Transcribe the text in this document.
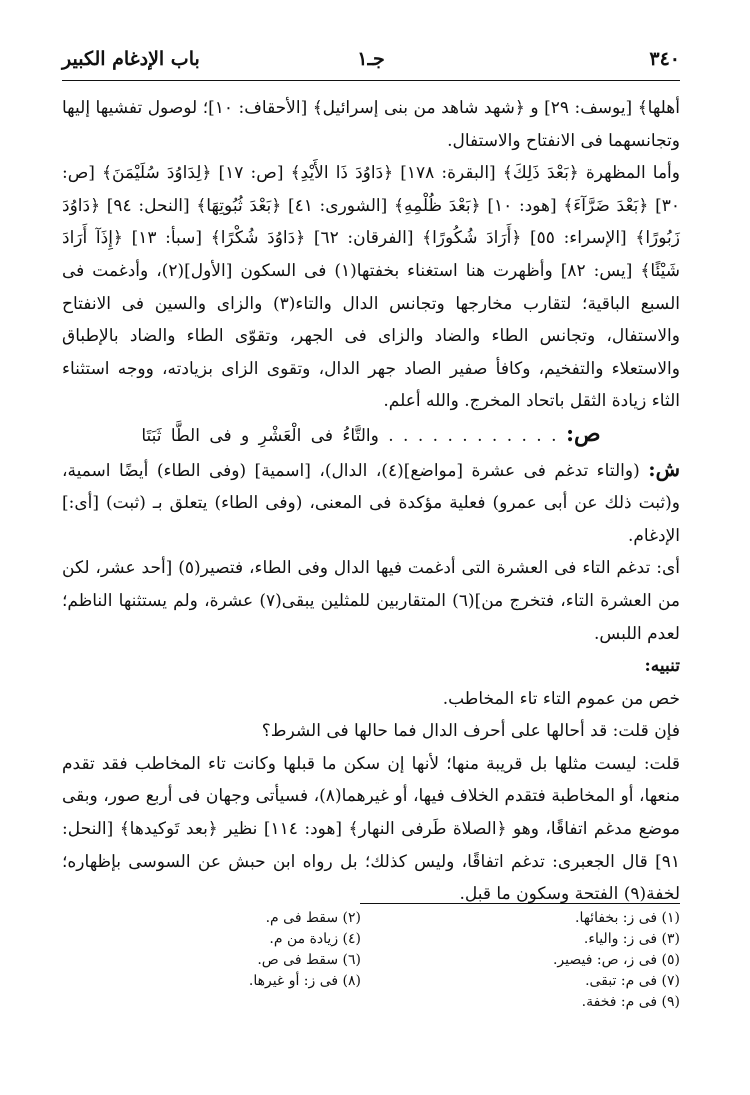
٣٤٠
جـ١
باب الإدغام الكبير

أهلها﴾ [يوسف: ٢٩] و ﴿شهد شاهد من بنى إسرائيل﴾ [الأحقاف: ١٠]؛ لوصول تفشيها إليها وتجانسهما فى الانفتاح والاستفال.

وأما المظهرة ﴿بَعْدَ ذَلِكَ﴾ [البقرة: ١٧٨] ﴿دَاوُدَ ذَا الأَيْدِ﴾ [ص: ١٧] ﴿لِدَاوُدَ سُلَيْمَنَ﴾ [ص: ٣٠] ﴿بَعْدَ ضَرَّآءَ﴾ [هود: ١٠] ﴿بَعْدَ ظُلْمِهِ﴾ [الشورى: ٤١] ﴿بَعْدَ ثُبُوتِهَا﴾ [النحل: ٩٤] ﴿دَاوُدَ زَبُورًا﴾ [الإسراء: ٥٥] ﴿أَرَادَ شُكُورًا﴾ [الفرقان: ٦٢] ﴿دَاوُدَ شُكْرًا﴾ [سبأ: ١٣] ﴿إِذَآ أَرَادَ شَيْئًا﴾ [يس: ٨٢] وأظهرت هنا استغناء بخفتها(١) فى السكون [الأول](٢)، وأدغمت فى السبع الباقية؛ لتقارب مخارجها وتجانس الدال والتاء(٣) والزاى والسين فى الانفتاح والاستفال، وتجانس الطاء والضاد والزاى فى الجهر، وتقوّى الطاء والضاد بالإطباق والاستعلاء والتفخيم، وكافأ صفير الصاد جهر الدال، وتقوى الزاى بزيادته، ووجه استثناء الثاء زيادة الثقل باتحاد المخرج. والله أعلم.

ص: . . . . . . . . . . . . والتَّاءُ فى الْعَشْرِ و فى الطَّا ثَبَتَا

ش: (والتاء تدغم فى عشرة [مواضع](٤)، الدال)، [اسمية] (وفى الطاء) أيضًا اسمية، و(ثبت ذلك عن أبى عمرو) فعلية مؤكدة فى المعنى، (وفى الطاء) يتعلق بـ (ثبت) [أى:] الإدغام.

أى: تدغم التاء فى العشرة التى أدغمت فيها الدال وفى الطاء، فتصير(٥) [أحد عشر، لكن من العشرة التاء، فتخرج من](٦) المتقاربين للمثلين يبقى(٧) عشرة، ولم يستثنها الناظم؛ لعدم اللبس.

تنبيه:

خص من عموم التاء تاء المخاطب.

فإن قلت: قد أحالها على أحرف الدال فما حالها فى الشرط؟

قلت: ليست مثلها بل قريبة منها؛ لأنها إن سكن ما قبلها وكانت تاء المخاطب فقد تقدم منعها، أو المخاطبة فتقدم الخلاف فيها، أو غيرهما(٨)، فسيأتى وجهان فى أربع صور، وبقى موضع مدغم اتفاقًا، وهو ﴿الصلاة طَرفى النهار﴾ [هود: ١١٤] نظير ﴿بعد تَوكيدها﴾ [النحل: ٩١] قال الجعبرى: تدغم اتفاقًا، وليس كذلك؛ بل رواه ابن حبش عن السوسى بإظهاره؛ لخفة(٩) الفتحة وسكون ما قبل.

(١) فى ز: بخفائها.
(٢) سقط فى م.
(٣) فى ز: والياء.
(٤) زيادة من م.
(٥) فى ز، ص: فيصير.
(٦) سقط فى ص.
(٧) فى م: تبقى.
(٨) فى ز: أو غيرها.
(٩) فى م: فخفة.
